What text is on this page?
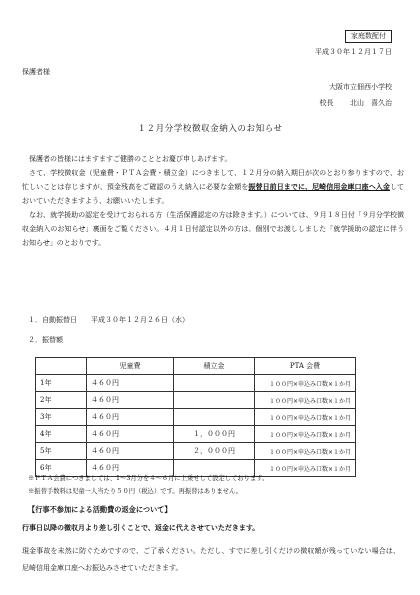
家庭数配付
平成３０年１２月１７日
保護者様
大阪市立佃西小学校
校長 北山　喜久治
１２月分学校徴収金納入のお知らせ

保護者の皆様にはますますご健勝のこととお慶び申しあげます。

さて、学校徴収金（児童費・ＰＴＡ会費・積立金）につきまして、１２月分の納入期日が次のとおり参りますので、お忙しいことは存じますが、預金残高をご確認のうえ納入に必要な金額を振替日前日までに、尼崎信用金庫口座へ入金しておいていただきますよう、お願いいたします。

なお、就学援助の認定を受けておられる方（生活保護認定の方は除きます。）については、９月１８日付「９月分学校徴収金納入のお知らせ」裏面をご覧ください。４月１日付認定以外の方は、個別でお渡ししました「就学援助の認定に伴うお知らせ」のとおりです。

１．自動振替日　　平成３０年１２月２６日（水）
２．振替額
	児童費	積立金	PTA 会費
1年	４６０円		１００円×申込み口数×１か月
2年	４６０円		１００円×申込み口数×１か月
3年	４６０円		１００円×申込み口数×１か月
4年	４６０円	１，０００円	１００円×申込み口数×１か月
5年	４６０円	２，０００円	１００円×申込み口数×１か月
6年	４６０円		１００円×申込み口数×１か月
※ＰＴＡ会費につきましては、1～3月分を４～６月に上乗せして設定しております。
※振替手数料は児童一人当たり５０円（税込）です。再振替はありません。
【行事不参加による活動費の返金について】
行事日以降の徴収月より差し引くことで、返金に代えさせていただきます。
現金事故を未然に防ぐためですので、ご了承ください。ただし、すでに差し引くだけの徴収額が残っていない場合は、尼崎信用金庫口座へお振込みさせていただきます。
